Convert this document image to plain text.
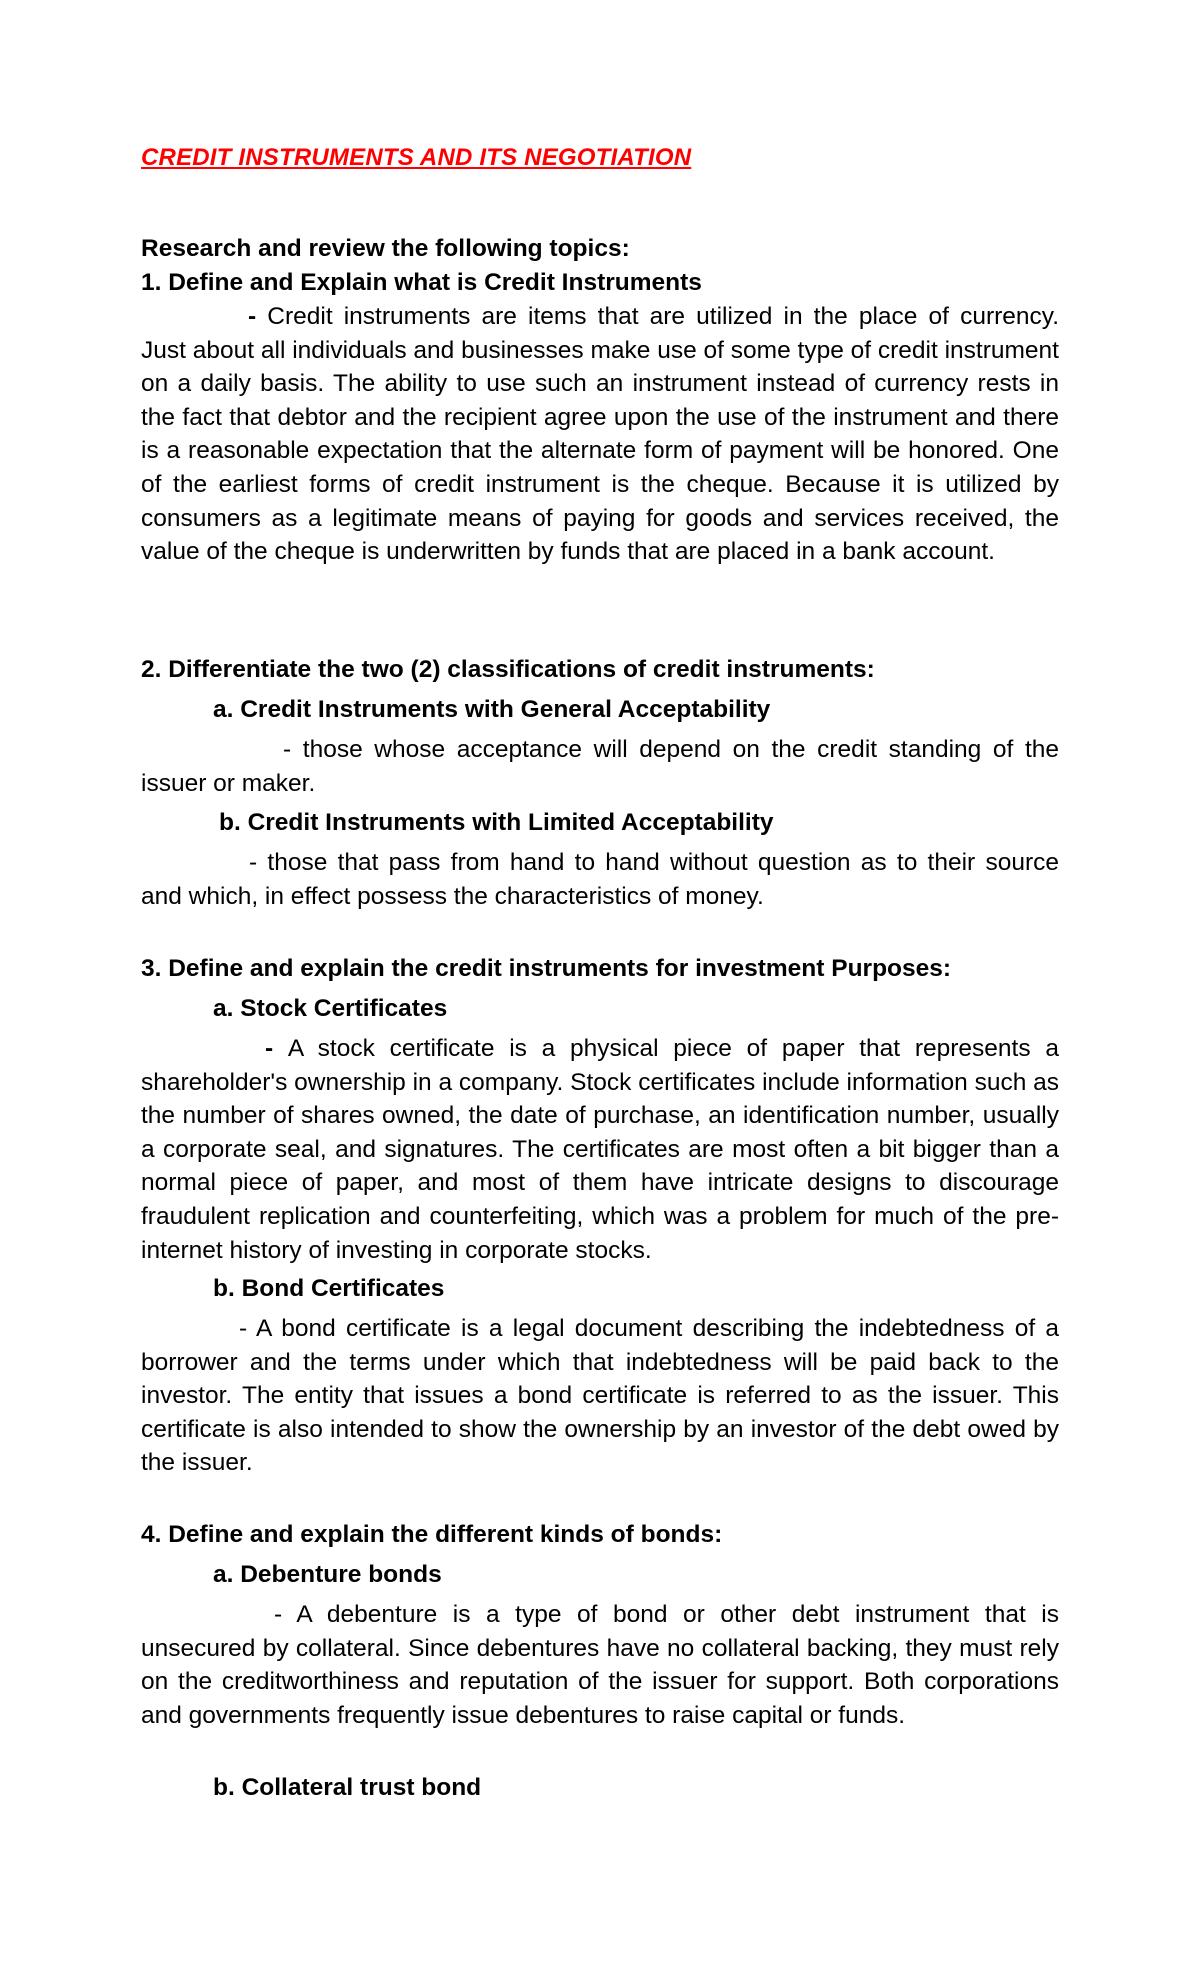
CREDIT INSTRUMENTS AND ITS NEGOTIATION
Research and review the following topics:
1. Define and Explain what is Credit Instruments
- Credit instruments are items that are utilized in the place of currency. Just about all individuals and businesses make use of some type of credit instrument on a daily basis. The ability to use such an instrument instead of currency rests in the fact that debtor and the recipient agree upon the use of the instrument and there is a reasonable expectation that the alternate form of payment will be honored. One of the earliest forms of credit instrument is the cheque. Because it is utilized by consumers as a legitimate means of paying for goods and services received, the value of the cheque is underwritten by funds that are placed in a bank account.
2. Differentiate the two (2) classifications of credit instruments:
a. Credit Instruments with General Acceptability
- those whose acceptance will depend on the credit standing of the issuer or maker.
b. Credit Instruments with Limited Acceptability
- those that pass from hand to hand without question as to their source and which, in effect possess the characteristics of money.
3. Define and explain the credit instruments for investment Purposes:
a. Stock Certificates
- A stock certificate is a physical piece of paper that represents a shareholder's ownership in a company. Stock certificates include information such as the number of shares owned, the date of purchase, an identification number, usually a corporate seal, and signatures. The certificates are most often a bit bigger than a normal piece of paper, and most of them have intricate designs to discourage fraudulent replication and counterfeiting, which was a problem for much of the pre-internet history of investing in corporate stocks.
b. Bond Certificates
- A bond certificate is a legal document describing the indebtedness of a borrower and the terms under which that indebtedness will be paid back to the investor. The entity that issues a bond certificate is referred to as the issuer. This certificate is also intended to show the ownership by an investor of the debt owed by the issuer.
4. Define and explain the different kinds of bonds:
a. Debenture bonds
- A debenture is a type of bond or other debt instrument that is unsecured by collateral. Since debentures have no collateral backing, they must rely on the creditworthiness and reputation of the issuer for support. Both corporations and governments frequently issue debentures to raise capital or funds.
b. Collateral trust bond
